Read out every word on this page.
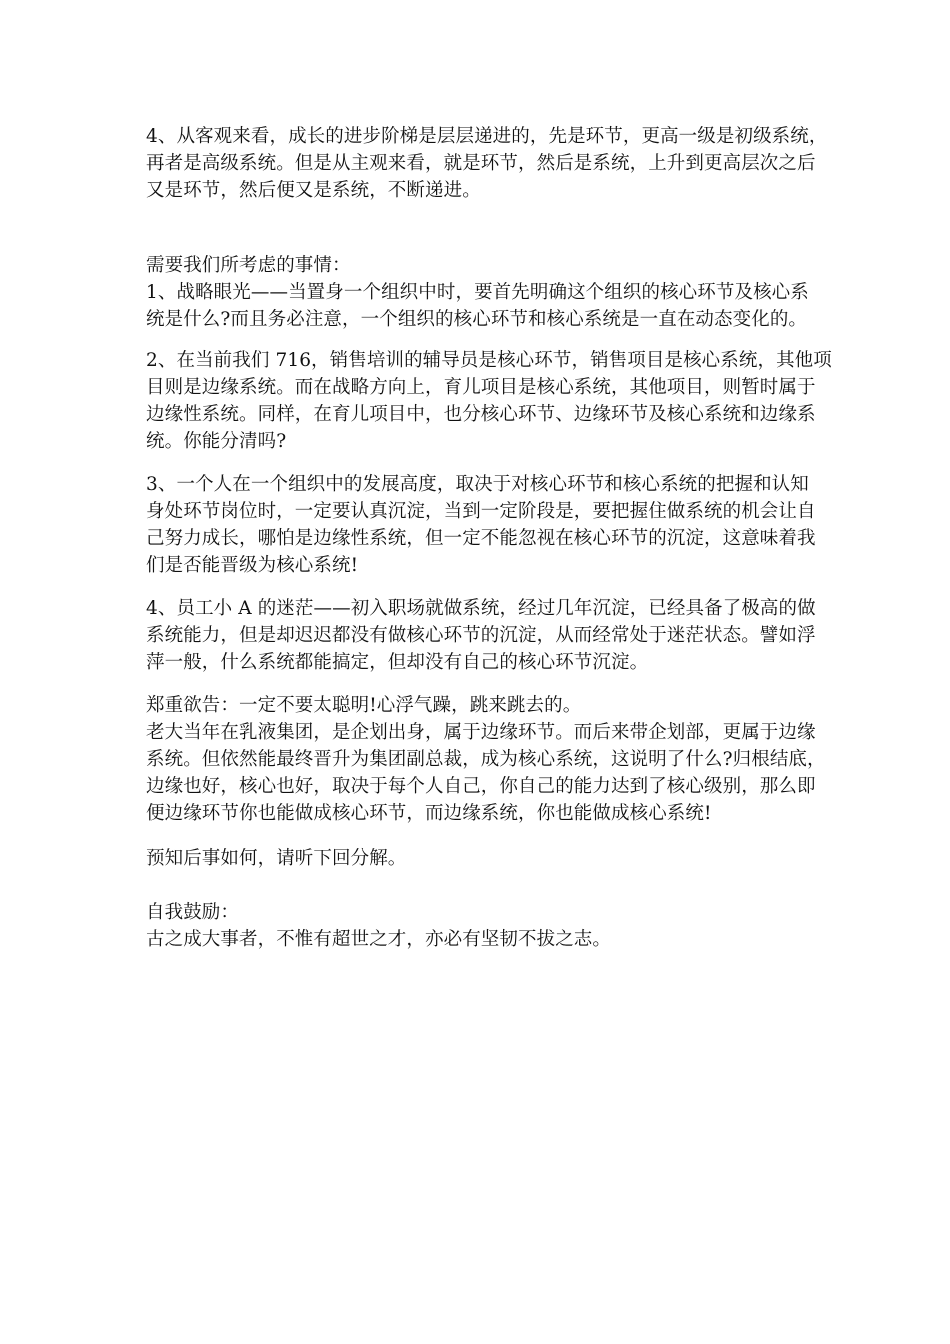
4、从客观来看，成长的进步阶梯是层层递进的，先是环节，更高一级是初级系统，
再者是高级系统。但是从主观来看，就是环节，然后是系统，上升到更高层次之后
又是环节，然后便又是系统，不断递进。
需要我们所考虑的事情：
1、战略眼光——当置身一个组织中时，要首先明确这个组织的核心环节及核心系
统是什么?而且务必注意，一个组织的核心环节和核心系统是一直在动态变化的。
2、在当前我们 716，销售培训的辅导员是核心环节，销售项目是核心系统，其他项
目则是边缘系统。而在战略方向上，育儿项目是核心系统，其他项目，则暂时属于
边缘性系统。同样，在育儿项目中，也分核心环节、边缘环节及核心系统和边缘系
统。你能分清吗?
3、一个人在一个组织中的发展高度，取决于对核心环节和核心系统的把握和认知
身处环节岗位时，一定要认真沉淀，当到一定阶段是，要把握住做系统的机会让自
己努力成长，哪怕是边缘性系统，但一定不能忽视在核心环节的沉淀，这意味着我
们是否能晋级为核心系统!
4、员工小 A 的迷茫——初入职场就做系统，经过几年沉淀，已经具备了极高的做
系统能力，但是却迟迟都没有做核心环节的沉淀，从而经常处于迷茫状态。譬如浮
萍一般，什么系统都能搞定，但却没有自己的核心环节沉淀。
郑重欲告：一定不要太聪明!心浮气躁，跳来跳去的。
老大当年在乳液集团，是企划出身，属于边缘环节。而后来带企划部，更属于边缘
系统。但依然能最终晋升为集团副总裁，成为核心系统，这说明了什么?归根结底，
边缘也好，核心也好，取决于每个人自己，你自己的能力达到了核心级别，那么即
便边缘环节你也能做成核心环节，而边缘系统，你也能做成核心系统!
预知后事如何，请听下回分解。
自我鼓励：
古之成大事者，不惟有超世之才，亦必有坚韧不拔之志。
